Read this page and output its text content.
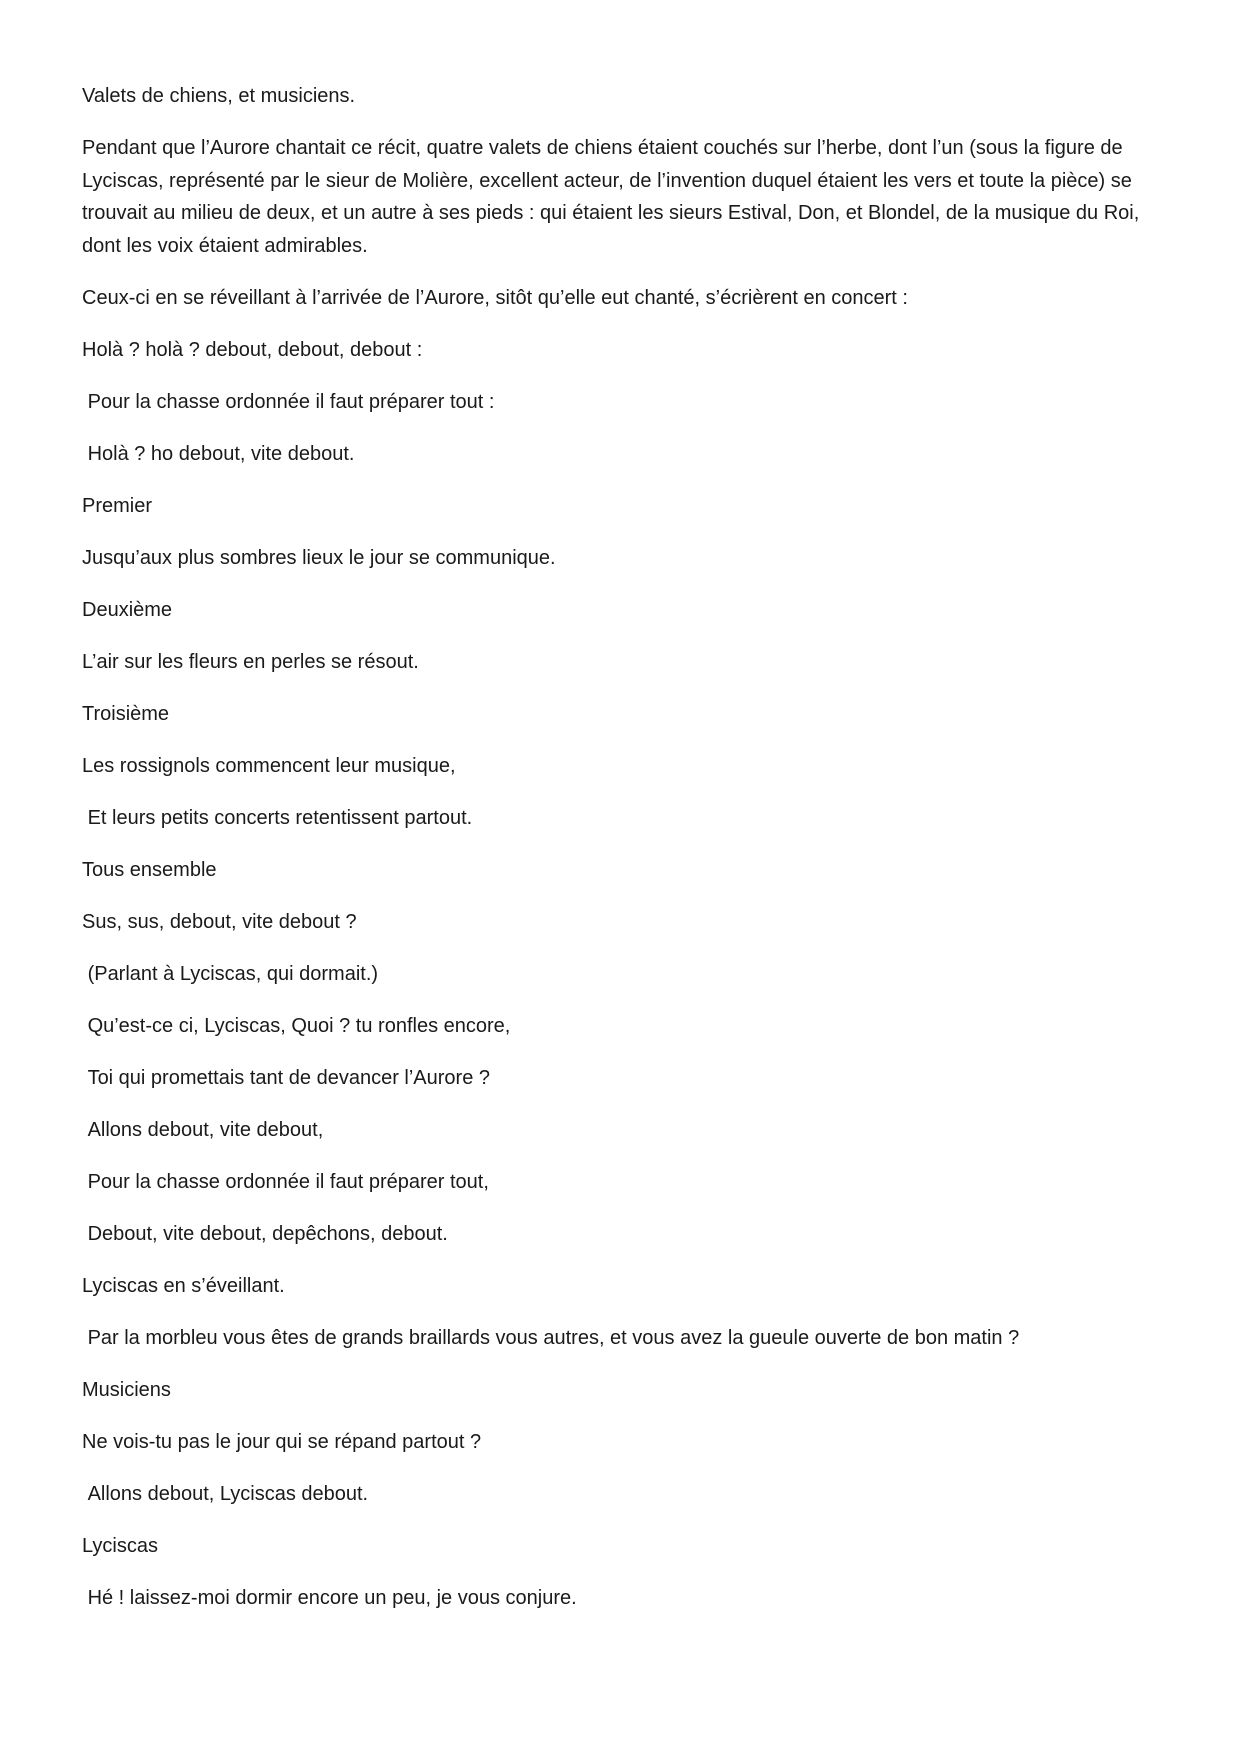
Valets de chiens, et musiciens.

Pendant que l’Aurore chantait ce récit, quatre valets de chiens étaient couchés sur l’herbe, dont l’un (sous la figure de Lyciscas, représenté par le sieur de Molière, excellent acteur, de l’invention duquel étaient les vers et toute la pièce) se trouvait au milieu de deux, et un autre à ses pieds : qui étaient les sieurs Estival, Don, et Blondel, de la musique du Roi, dont les voix étaient admirables.

Ceux-ci en se réveillant à l’arrivée de l’Aurore, sitôt qu’elle eut chanté, s’écrièrent en concert :

Holà ? holà ? debout, debout, debout :

Pour la chasse ordonnée il faut préparer tout :

Holà ? ho debout, vite debout.

Premier

Jusqu’aux plus sombres lieux le jour se communique.

Deuxième

L’air sur les fleurs en perles se résout.

Troisième

Les rossignols commencent leur musique,

Et leurs petits concerts retentissent partout.

Tous ensemble

Sus, sus, debout, vite debout ?

(Parlant à Lyciscas, qui dormait.)

Qu’est-ce ci, Lyciscas, Quoi ? tu ronfles encore,

Toi qui promettais tant de devancer l’Aurore ?

Allons debout, vite debout,

Pour la chasse ordonnée il faut préparer tout,

Debout, vite debout, depêchons, debout.

Lyciscas en s’éveillant.

Par la morbleu vous êtes de grands braillards vous autres, et vous avez la gueule ouverte de bon matin ?

Musiciens

Ne vois-tu pas le jour qui se répand partout ?

Allons debout, Lyciscas debout.

Lyciscas

Hé ! laissez-moi dormir encore un peu, je vous conjure.
